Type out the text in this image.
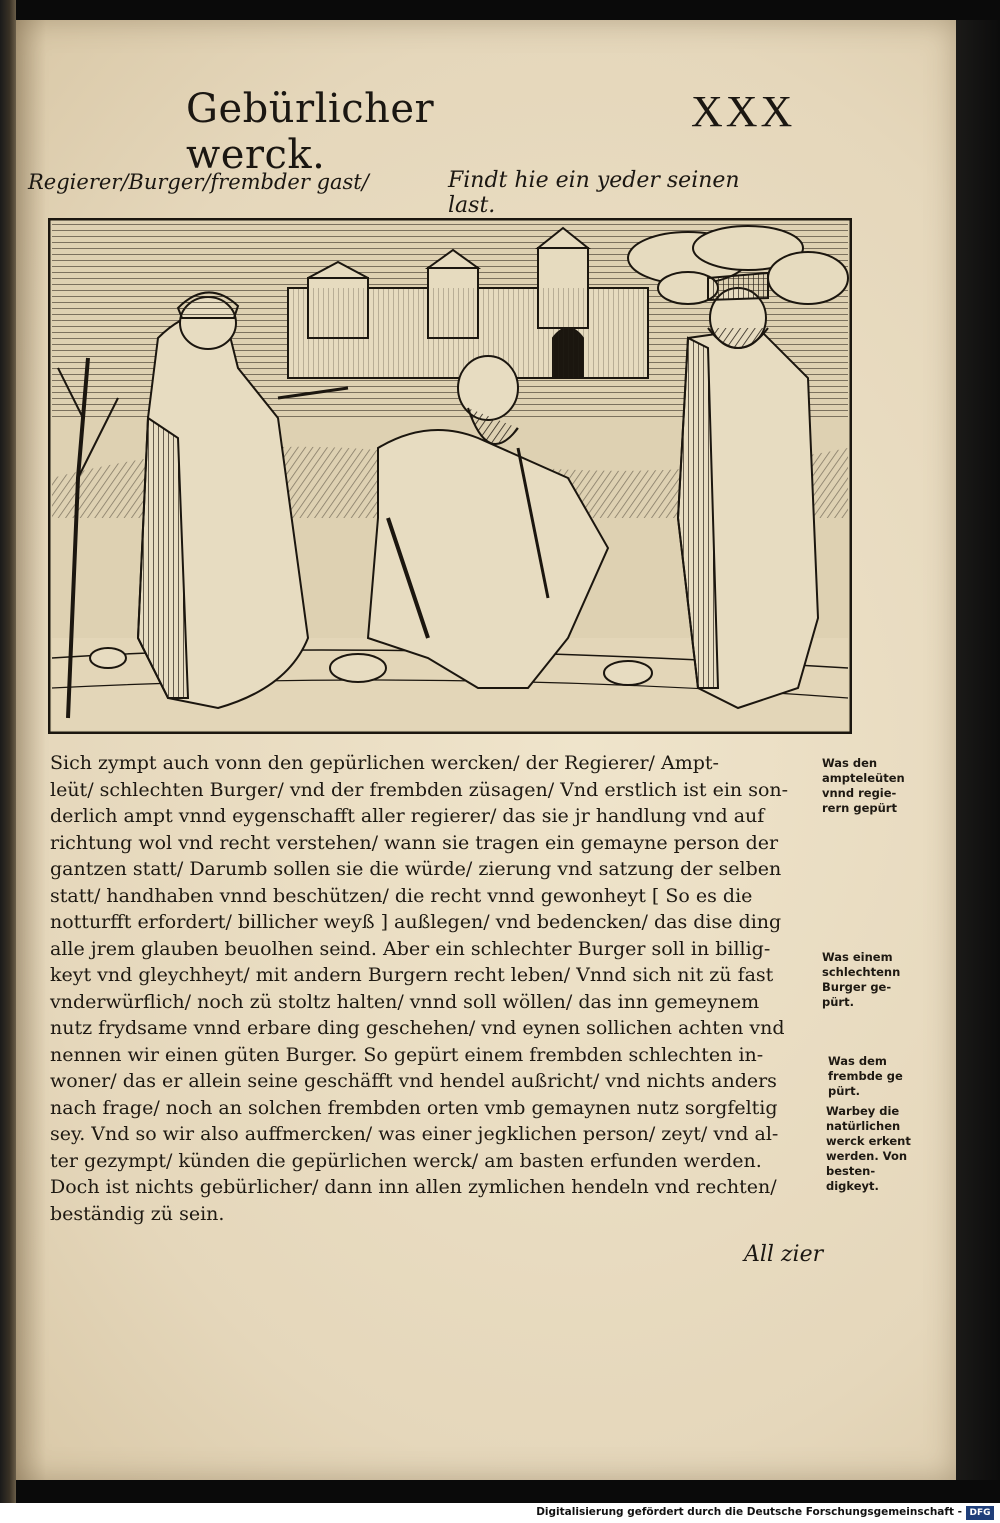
Gebürlicher werck.
XXX
Regierer/Burger/frembder gast/	Findt hie ein yeder seinen last.
Sich zympt auch vonn den gepürlichen wercken/ der Regierer/ Ampt-
leüt/ schlechten Burger/ vnd der frembden züsagen/ Vnd erstlich ist ein son-
derlich ampt vnnd eygenschafft aller regierer/ das sie jr handlung vnd auf
richtung wol vnd recht verstehen/ wann sie tragen ein gemayne person der
gantzen statt/ Darumb sollen sie die würde/ zierung vnd satzung der selben
statt/ handhaben vnnd beschützen/ die recht vnnd gewonheyt [ So es die
notturfft erfordert/ billicher weyß ] außlegen/ vnd bedencken/ das dise ding
alle jrem glauben beuolhen seind. Aber ein schlechter Burger soll in billig-
keyt vnd gleychheyt/ mit andern Burgern recht leben/ Vnnd sich nit zü fast
vnderwürflich/ noch zü stoltz halten/ vnnd soll wöllen/ das inn gemeynem
nutz frydsame vnnd erbare ding geschehen/ vnd eynen sollichen achten vnd
nennen wir einen güten Burger. So gepürt einem frembden schlechten in-
woner/ das er allein seine geschäfft vnd hendel außricht/ vnd nichts anders
nach frage/ noch an solchen frembden orten vmb gemaynen nutz sorgfeltig
sey. Vnd so wir also auffmercken/ was einer jegklichen person/ zeyt/ vnd al-
ter gezympt/ künden die gepürlichen werck/ am basten erfunden werden.
Doch ist nichts gebürlicher/ dann inn allen zymlichen hendeln vnd rechten/
beständig zü sein.
Was den ampteleüten vnnd regie- rern gepürt
Was einem schlechtenn Burger ge- pürt.
Was dem frembde ge pürt.
Warbey die natürlichen werck erkent werden. Von besten- digkeyt.
All zier
Digitalisierung gefördert durch die Deutsche Forschungsgemeinschaft - DFG
